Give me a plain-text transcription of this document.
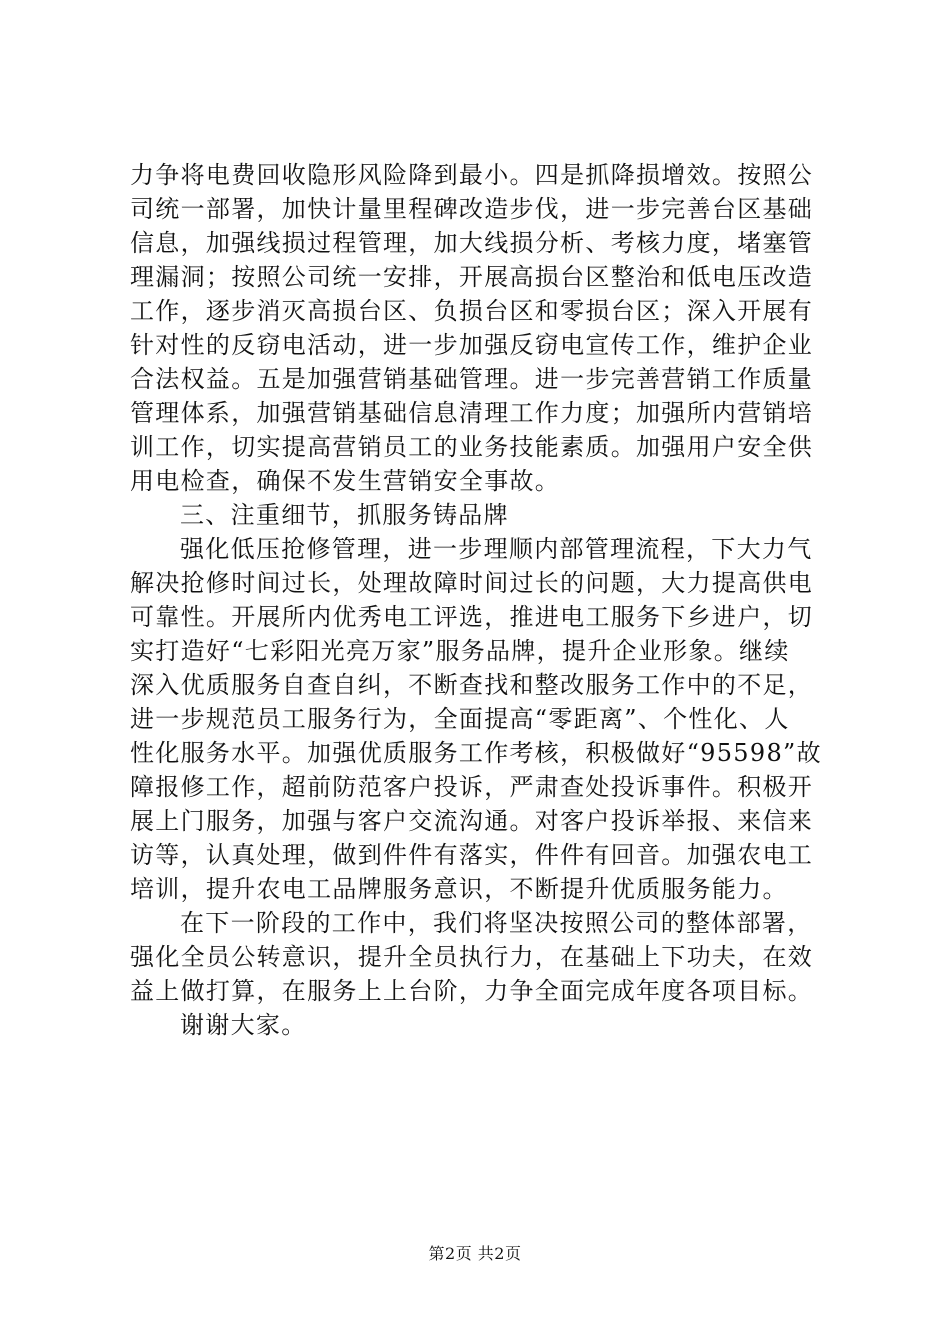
力争将电费回收隐形风险降到最小。四是抓降损增效。按照公
司统一部署，加快计量里程碑改造步伐，进一步完善台区基础
信息，加强线损过程管理，加大线损分析、考核力度，堵塞管
理漏洞；按照公司统一安排，开展高损台区整治和低电压改造
工作，逐步消灭高损台区、负损台区和零损台区；深入开展有
针对性的反窃电活动，进一步加强反窃电宣传工作，维护企业
合法权益。五是加强营销基础管理。进一步完善营销工作质量
管理体系，加强营销基础信息清理工作力度；加强所内营销培
训工作，切实提高营销员工的业务技能素质。加强用户安全供
用电检查，确保不发生营销安全事故。
三、注重细节，抓服务铸品牌
强化低压抢修管理，进一步理顺内部管理流程，下大力气
解决抢修时间过长，处理故障时间过长的问题，大力提高供电
可靠性。开展所内优秀电工评选，推进电工服务下乡进户，切
实打造好“七彩阳光亮万家”服务品牌，提升企业形象。继续
深入优质服务自查自纠，不断查找和整改服务工作中的不足，
进一步规范员工服务行为，全面提高“零距离”、个性化、人
性化服务水平。加强优质服务工作考核，积极做好“95598”故
障报修工作，超前防范客户投诉，严肃查处投诉事件。积极开
展上门服务，加强与客户交流沟通。对客户投诉举报、来信来
访等，认真处理，做到件件有落实，件件有回音。加强农电工
培训，提升农电工品牌服务意识，不断提升优质服务能力。
在下一阶段的工作中，我们将坚决按照公司的整体部署，
强化全员公转意识，提升全员执行力，在基础上下功夫，在效
益上做打算，在服务上上台阶，力争全面完成年度各项目标。
谢谢大家。
第2页 共2页
